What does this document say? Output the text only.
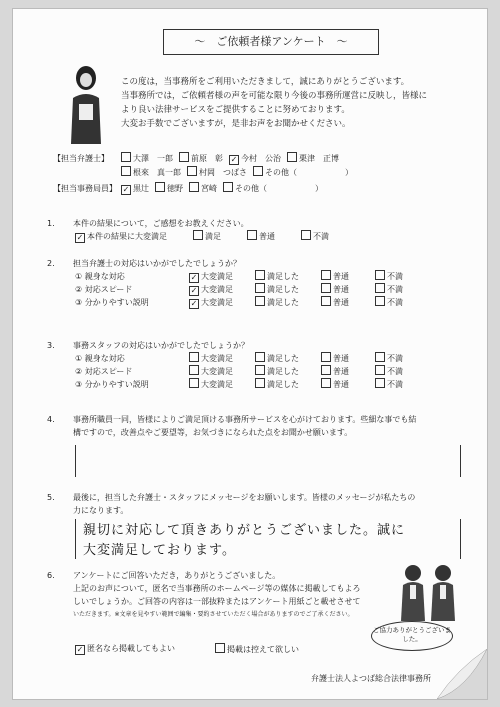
～　ご依頼者様アンケート　～

この度は，当事務所をご利用いただきまして，誠にありがとうございます。

当事務所では，ご依頼者様の声を可能な限り今後の事務所運営に反映し，皆様に

より良い法律サービスをご提供することに努めております。

大変お手数でございますが，是非お声をお聞かせください。

【担当弁護士】	大澤　一郎	前原　彰 ✓ 今村　公治	栗津　正博
根來　真一郎	村岡　つばさ	その他（　　　　　　）
【担当事務局員】 ✓ 黒辻	徳野	宮崎	その他（　　　　　　）
1. 本件の結果について，ご感想をお教えください。
✓ 本件の結果に大変満足	満足	普通	不満
2. 担当弁護士の対応はいかがでしたでしょうか？
① 親身な対応	✓ 大変満足	満足した	普通	不満
② 対応スピード	✓ 大変満足	満足した	普通	不満
③ 分かりやすい説明	✓ 大変満足	満足した	普通	不満
3. 事務スタッフの対応はいかがでしたでしょうか？
① 親身な対応	大変満足	満足した	普通	不満
② 対応スピード	大変満足	満足した	普通	不満
③ 分かりやすい説明	大変満足	満足した	普通	不満
4. 事務所職員一同，皆様によりご満足頂ける事務所サービスを心がけております。些細な事でも結
構ですので，改善点やご要望等，お気づきになられた点をお聞かせ願います。
5. 最後に，担当した弁護士・スタッフにメッセージをお願いします。皆様のメッセージが私たちの
力になります。
親切に対応して頂きありがとうございました。誠に
大変満足しております。
6. アンケートにご回答いただき，ありがとうございました。
上記のお声について，匿名で当事務所のホームページ等の媒体に掲載してもよろ
しいでしょうか。ご回答の内容は一部抜粋またはアンケート用紙ごと載せさせて
いただきます。※文章を見やすい範囲で編集・要約させていただく場合がありますのでご了承ください。
✓ 匿名なら掲載してもよい	掲載は控えて欲しい
ご協力ありがとうございました。
弁護士法人よつば総合法律事務所
